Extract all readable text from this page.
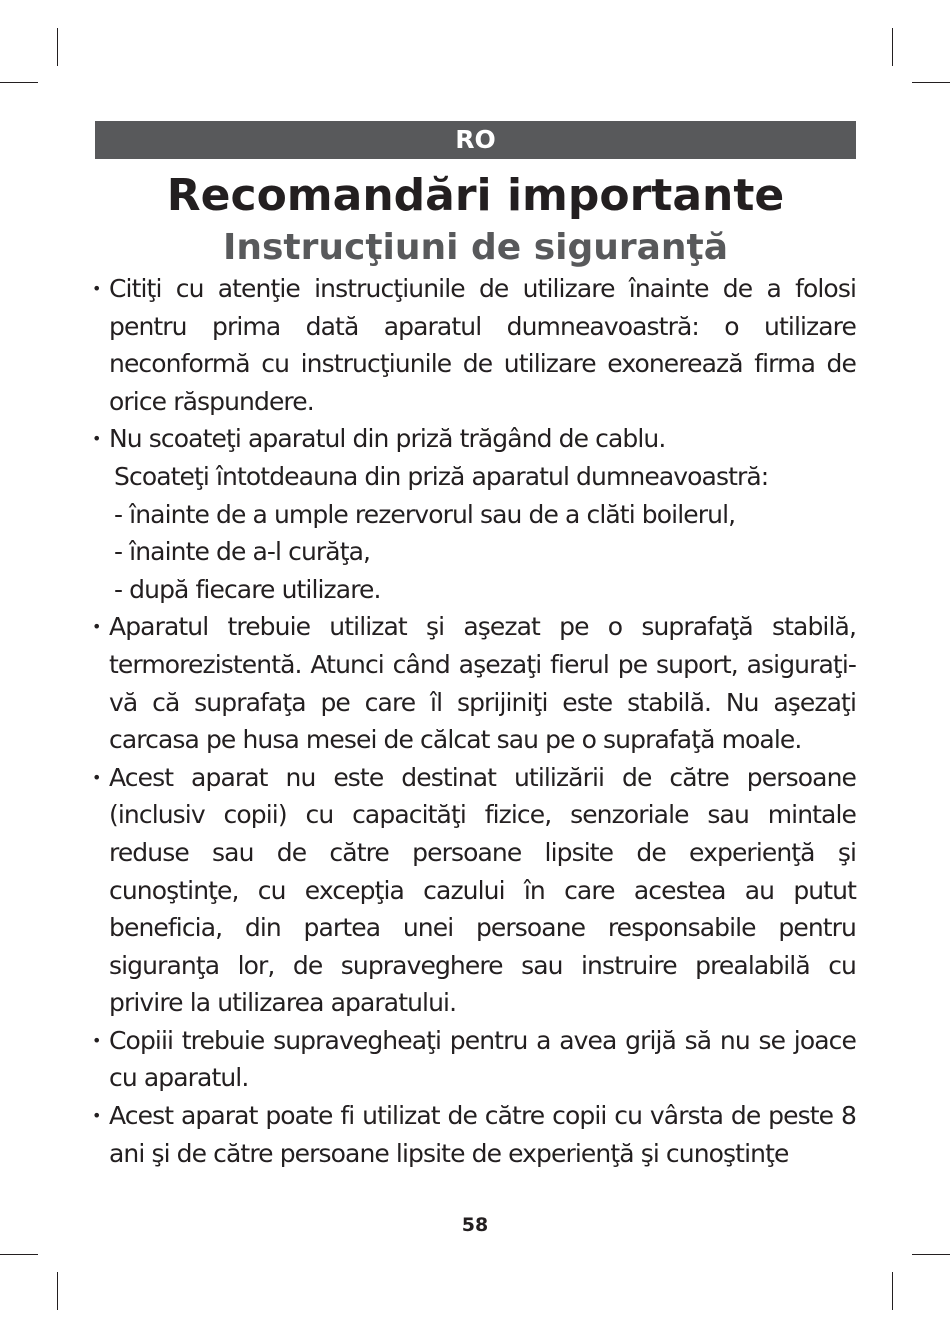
RO
Recomandări importante
Instrucţiuni de siguranţă
• Citiţi cu atenţie instrucţiunile de utilizare înainte de a folosi pentru prima dată aparatul dumneavoastră: o utilizare neconformă cu instrucţiunile de utilizare exonerează firma de orice răspundere.
• Nu scoateţi aparatul din priză trăgând de cablu.
Scoateţi întotdeauna din priză aparatul dumneavoastră:
- înainte de a umple rezervorul sau de a clăti boilerul,
- înainte de a-l curăţa,
- după fiecare utilizare.
• Aparatul trebuie utilizat şi aşezat pe o suprafaţă stabilă, termorezistentă. Atunci când aşezaţi fierul pe suport, asiguraţi-vă că suprafaţa pe care îl sprijiniţi este stabilă. Nu aşezaţi carcasa pe husa mesei de călcat sau pe o suprafaţă moale.
• Acest aparat nu este destinat utilizării de către persoane (inclusiv copii) cu capacităţi fizice, senzoriale sau mintale reduse sau de către persoane lipsite de experienţă şi cunoştinţe, cu excepţia cazului în care acestea au putut beneficia, din partea unei persoane responsabile pentru siguranţa lor, de supraveghere sau instruire prealabilă cu privire la utilizarea aparatului.
• Copiii trebuie supravegheaţi pentru a avea grijă să nu se joace cu aparatul.
• Acest aparat poate fi utilizat de către copii cu vârsta de peste 8 ani şi de către persoane lipsite de experienţă şi cunoştinţe
58
